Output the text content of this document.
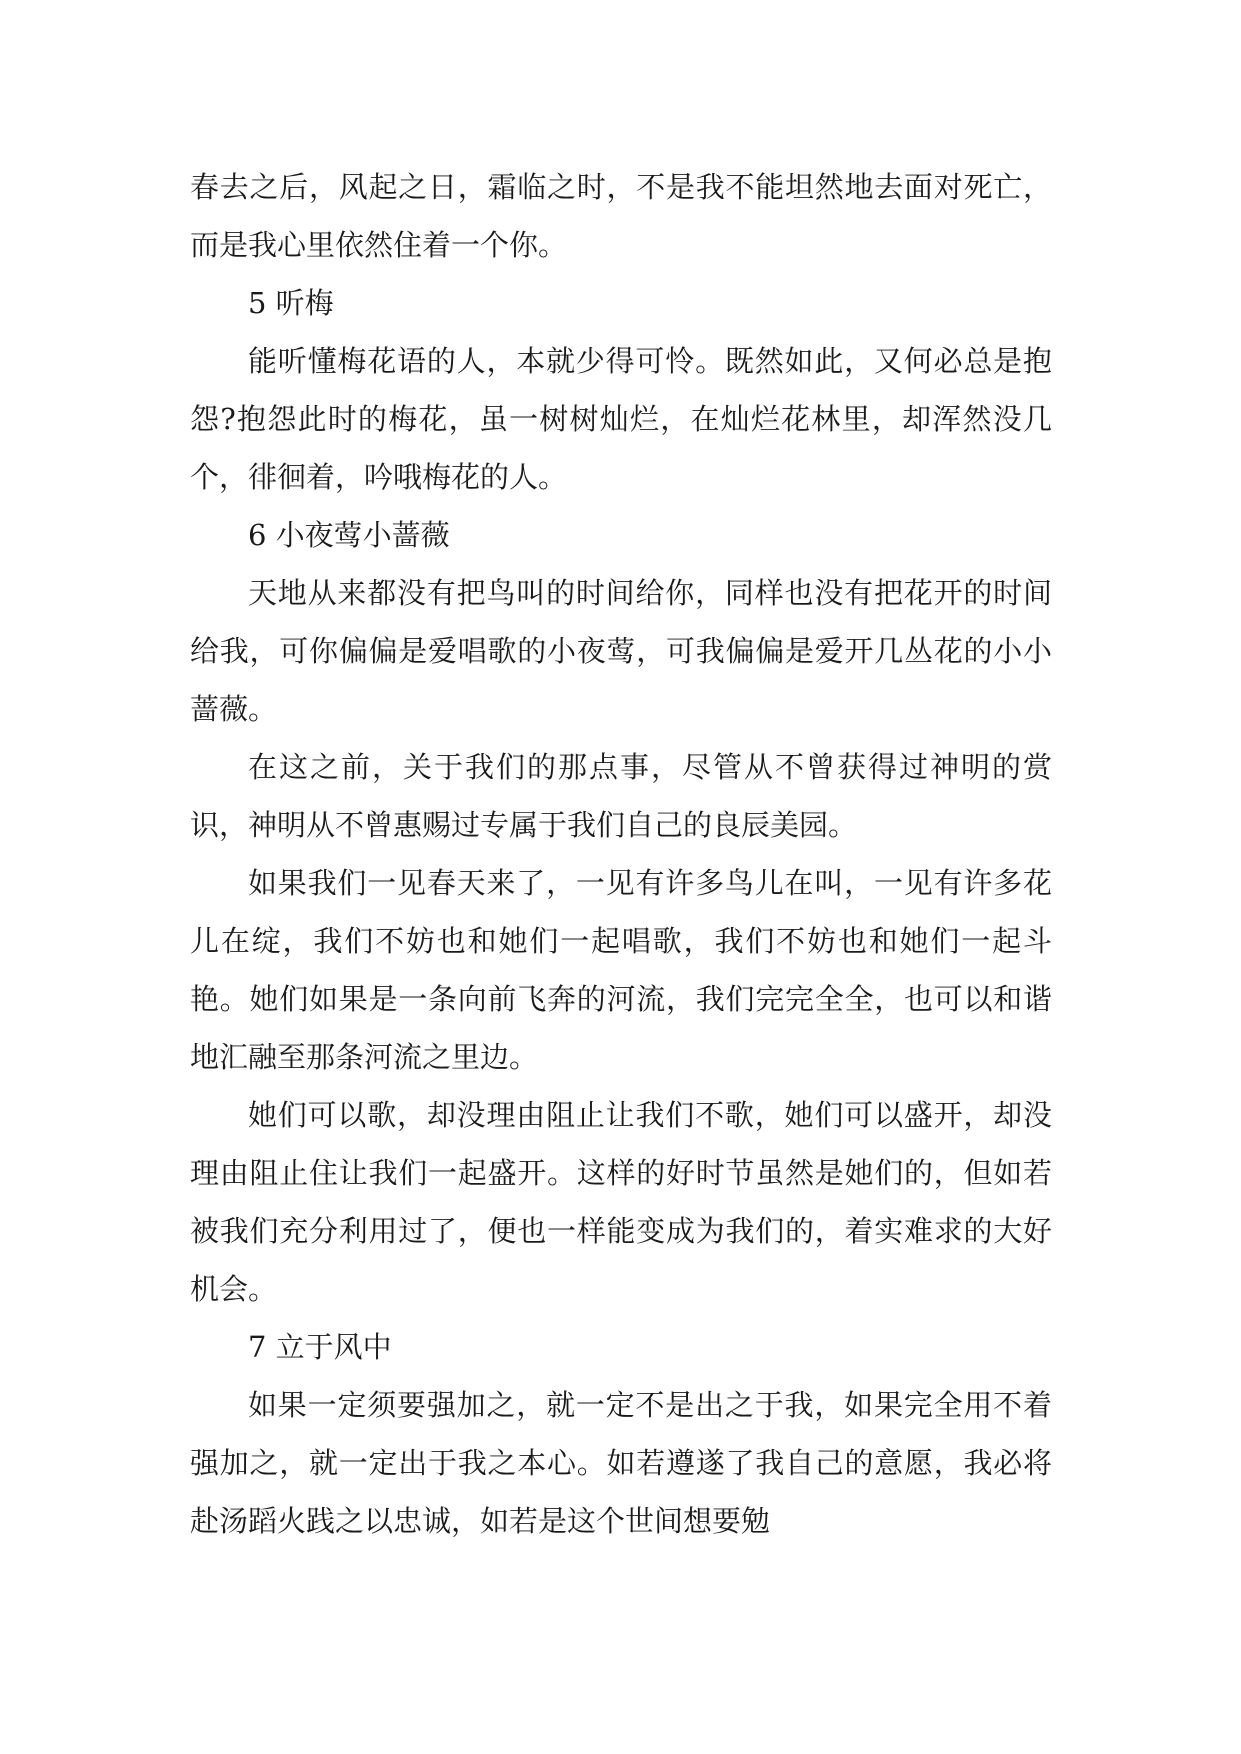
春去之后，风起之日，霜临之时，不是我不能坦然地去面对死亡，而是我心里依然住着一个你。

5 听梅

能听懂梅花语的人，本就少得可怜。既然如此，又何必总是抱怨?抱怨此时的梅花，虽一树树灿烂，在灿烂花林里，却浑然没几个，徘徊着，吟哦梅花的人。

6 小夜莺小蔷薇

天地从来都没有把鸟叫的时间给你，同样也没有把花开的时间给我，可你偏偏是爱唱歌的小夜莺，可我偏偏是爱开几丛花的小小蔷薇。

在这之前，关于我们的那点事，尽管从不曾获得过神明的赏识，神明从不曾惠赐过专属于我们自己的良辰美园。

如果我们一见春天来了，一见有许多鸟儿在叫，一见有许多花儿在绽，我们不妨也和她们一起唱歌，我们不妨也和她们一起斗艳。她们如果是一条向前飞奔的河流，我们完完全全，也可以和谐地汇融至那条河流之里边。

她们可以歌，却没理由阻止让我们不歌，她们可以盛开，却没理由阻止住让我们一起盛开。这样的好时节虽然是她们的，但如若被我们充分利用过了，便也一样能变成为我们的，着实难求的大好机会。

7 立于风中

如果一定须要强加之，就一定不是出之于我，如果完全用不着强加之，就一定出于我之本心。如若遵遂了我自己的意愿，我必将赴汤蹈火践之以忠诚，如若是这个世间想要勉
